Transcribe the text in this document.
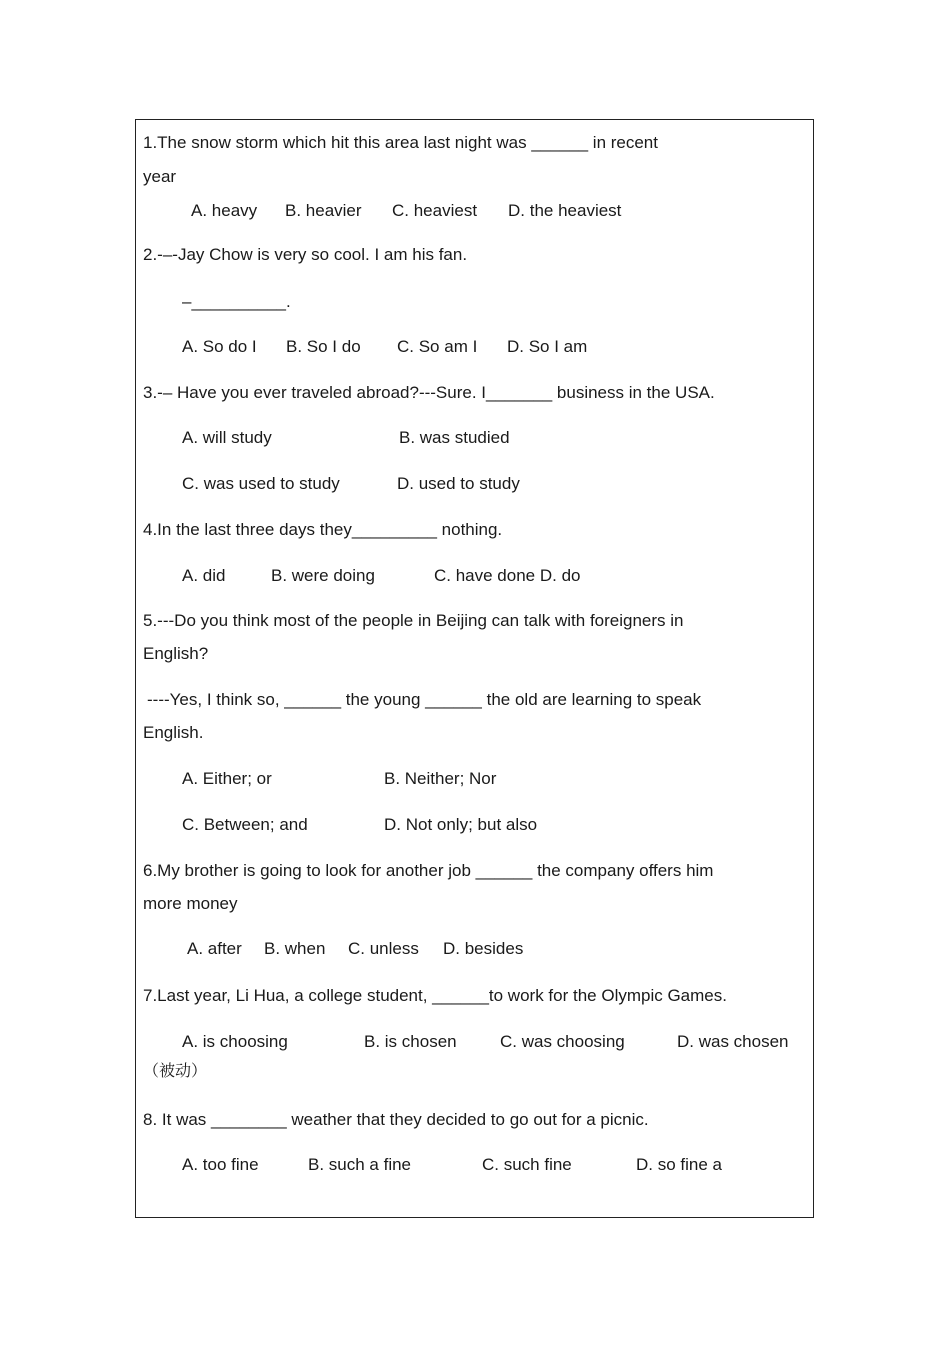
1.The snow storm which hit this area last night was ______ in recent
year
A. heavy B. heavier C. heaviest D. the heaviest
2.-–-Jay Chow is very so cool. I am his fan.
–__________.
A. So do I B. So I do C. So am I D. So I am
3.-– Have you ever traveled abroad?---Sure. I_______ business in the USA.
A. will study	B. was studied
C. was used to study	D. used to study
4.In the last three days they_________ nothing.
A. did	B. were doing	C. have done D. do
5.---Do you think most of the people in Beijing can talk with foreigners in
English?
----Yes, I think so, ______ the young ______ the old are learning to speak
English.
A. Either; or	B. Neither; Nor
C. Between; and	D. Not only; but also
6.My brother is going to look for another job ______ the company offers him
more money
A. after B. when C. unless D. besides
7.Last year, Li Hua, a college student, ______to work for the Olympic Games.
A. is choosing	B. is chosen	C. was choosing	D. was chosen
（被动）
8. It was ________ weather that they decided to go out for a picnic.
A. too fine	B. such a fine	C. such fine	D. so fine a
